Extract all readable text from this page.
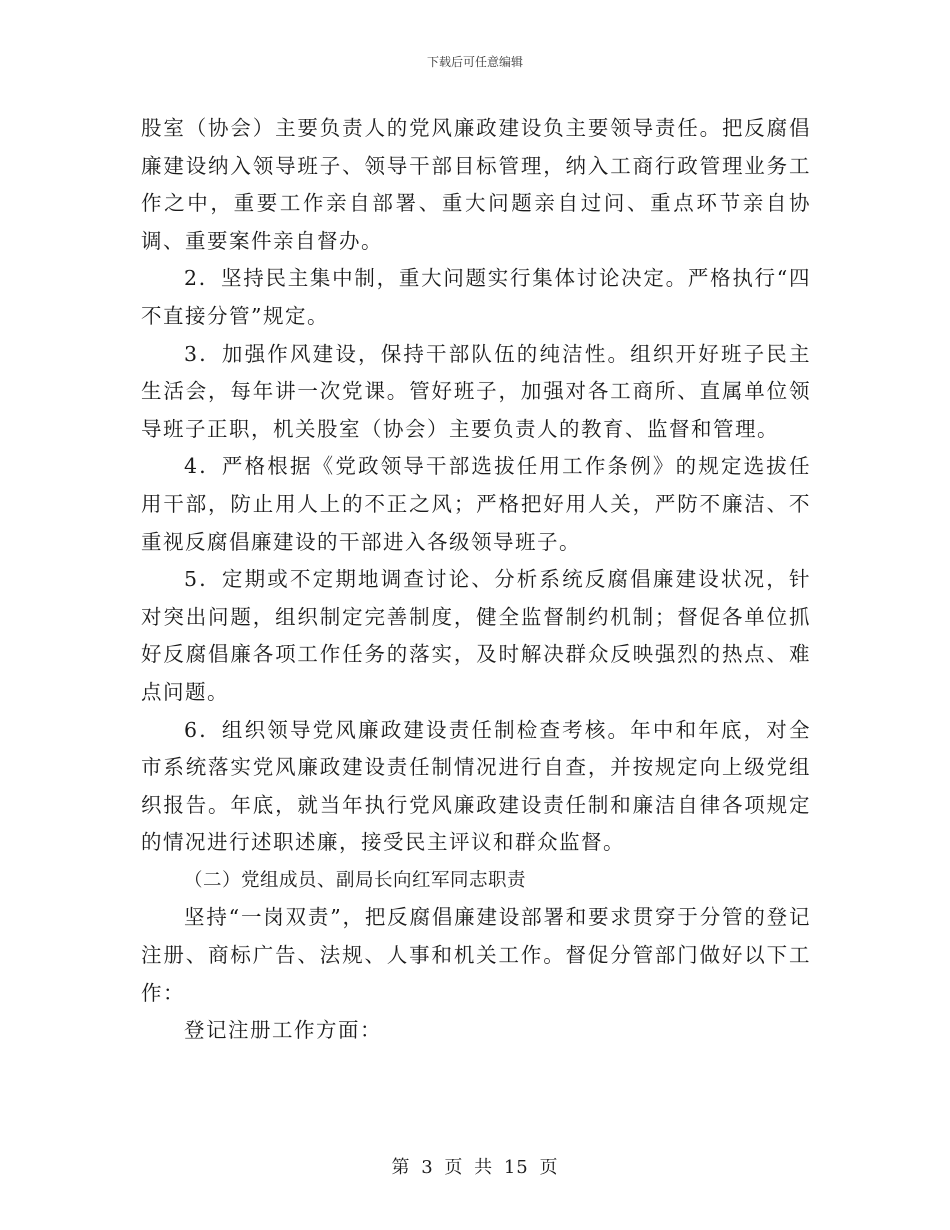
下载后可任意编辑

股室（协会）主要负责人的党风廉政建设负主要领导责任。把反腐倡廉建设纳入领导班子、领导干部目标管理，纳入工商行政管理业务工作之中，重要工作亲自部署、重大问题亲自过问、重点环节亲自协调、重要案件亲自督办。

2．坚持民主集中制，重大问题实行集体讨论决定。严格执行“四不直接分管”规定。

3．加强作风建设，保持干部队伍的纯洁性。组织开好班子民主生活会，每年讲一次党课。管好班子，加强对各工商所、直属单位领导班子正职，机关股室（协会）主要负责人的教育、监督和管理。

4．严格根据《党政领导干部选拔任用工作条例》的规定选拔任用干部，防止用人上的不正之风；严格把好用人关，严防不廉洁、不重视反腐倡廉建设的干部进入各级领导班子。

5．定期或不定期地调查讨论、分析系统反腐倡廉建设状况，针对突出问题，组织制定完善制度，健全监督制约机制；督促各单位抓好反腐倡廉各项工作任务的落实，及时解决群众反映强烈的热点、难点问题。

6．组织领导党风廉政建设责任制检查考核。年中和年底，对全市系统落实党风廉政建设责任制情况进行自查，并按规定向上级党组织报告。年底，就当年执行党风廉政建设责任制和廉洁自律各项规定的情况进行述职述廉，接受民主评议和群众监督。

（二）党组成员、副局长向红军同志职责

坚持“一岗双责”，把反腐倡廉建设部署和要求贯穿于分管的登记注册、商标广告、法规、人事和机关工作。督促分管部门做好以下工作：

登记注册工作方面：

第 3 页 共 15 页
